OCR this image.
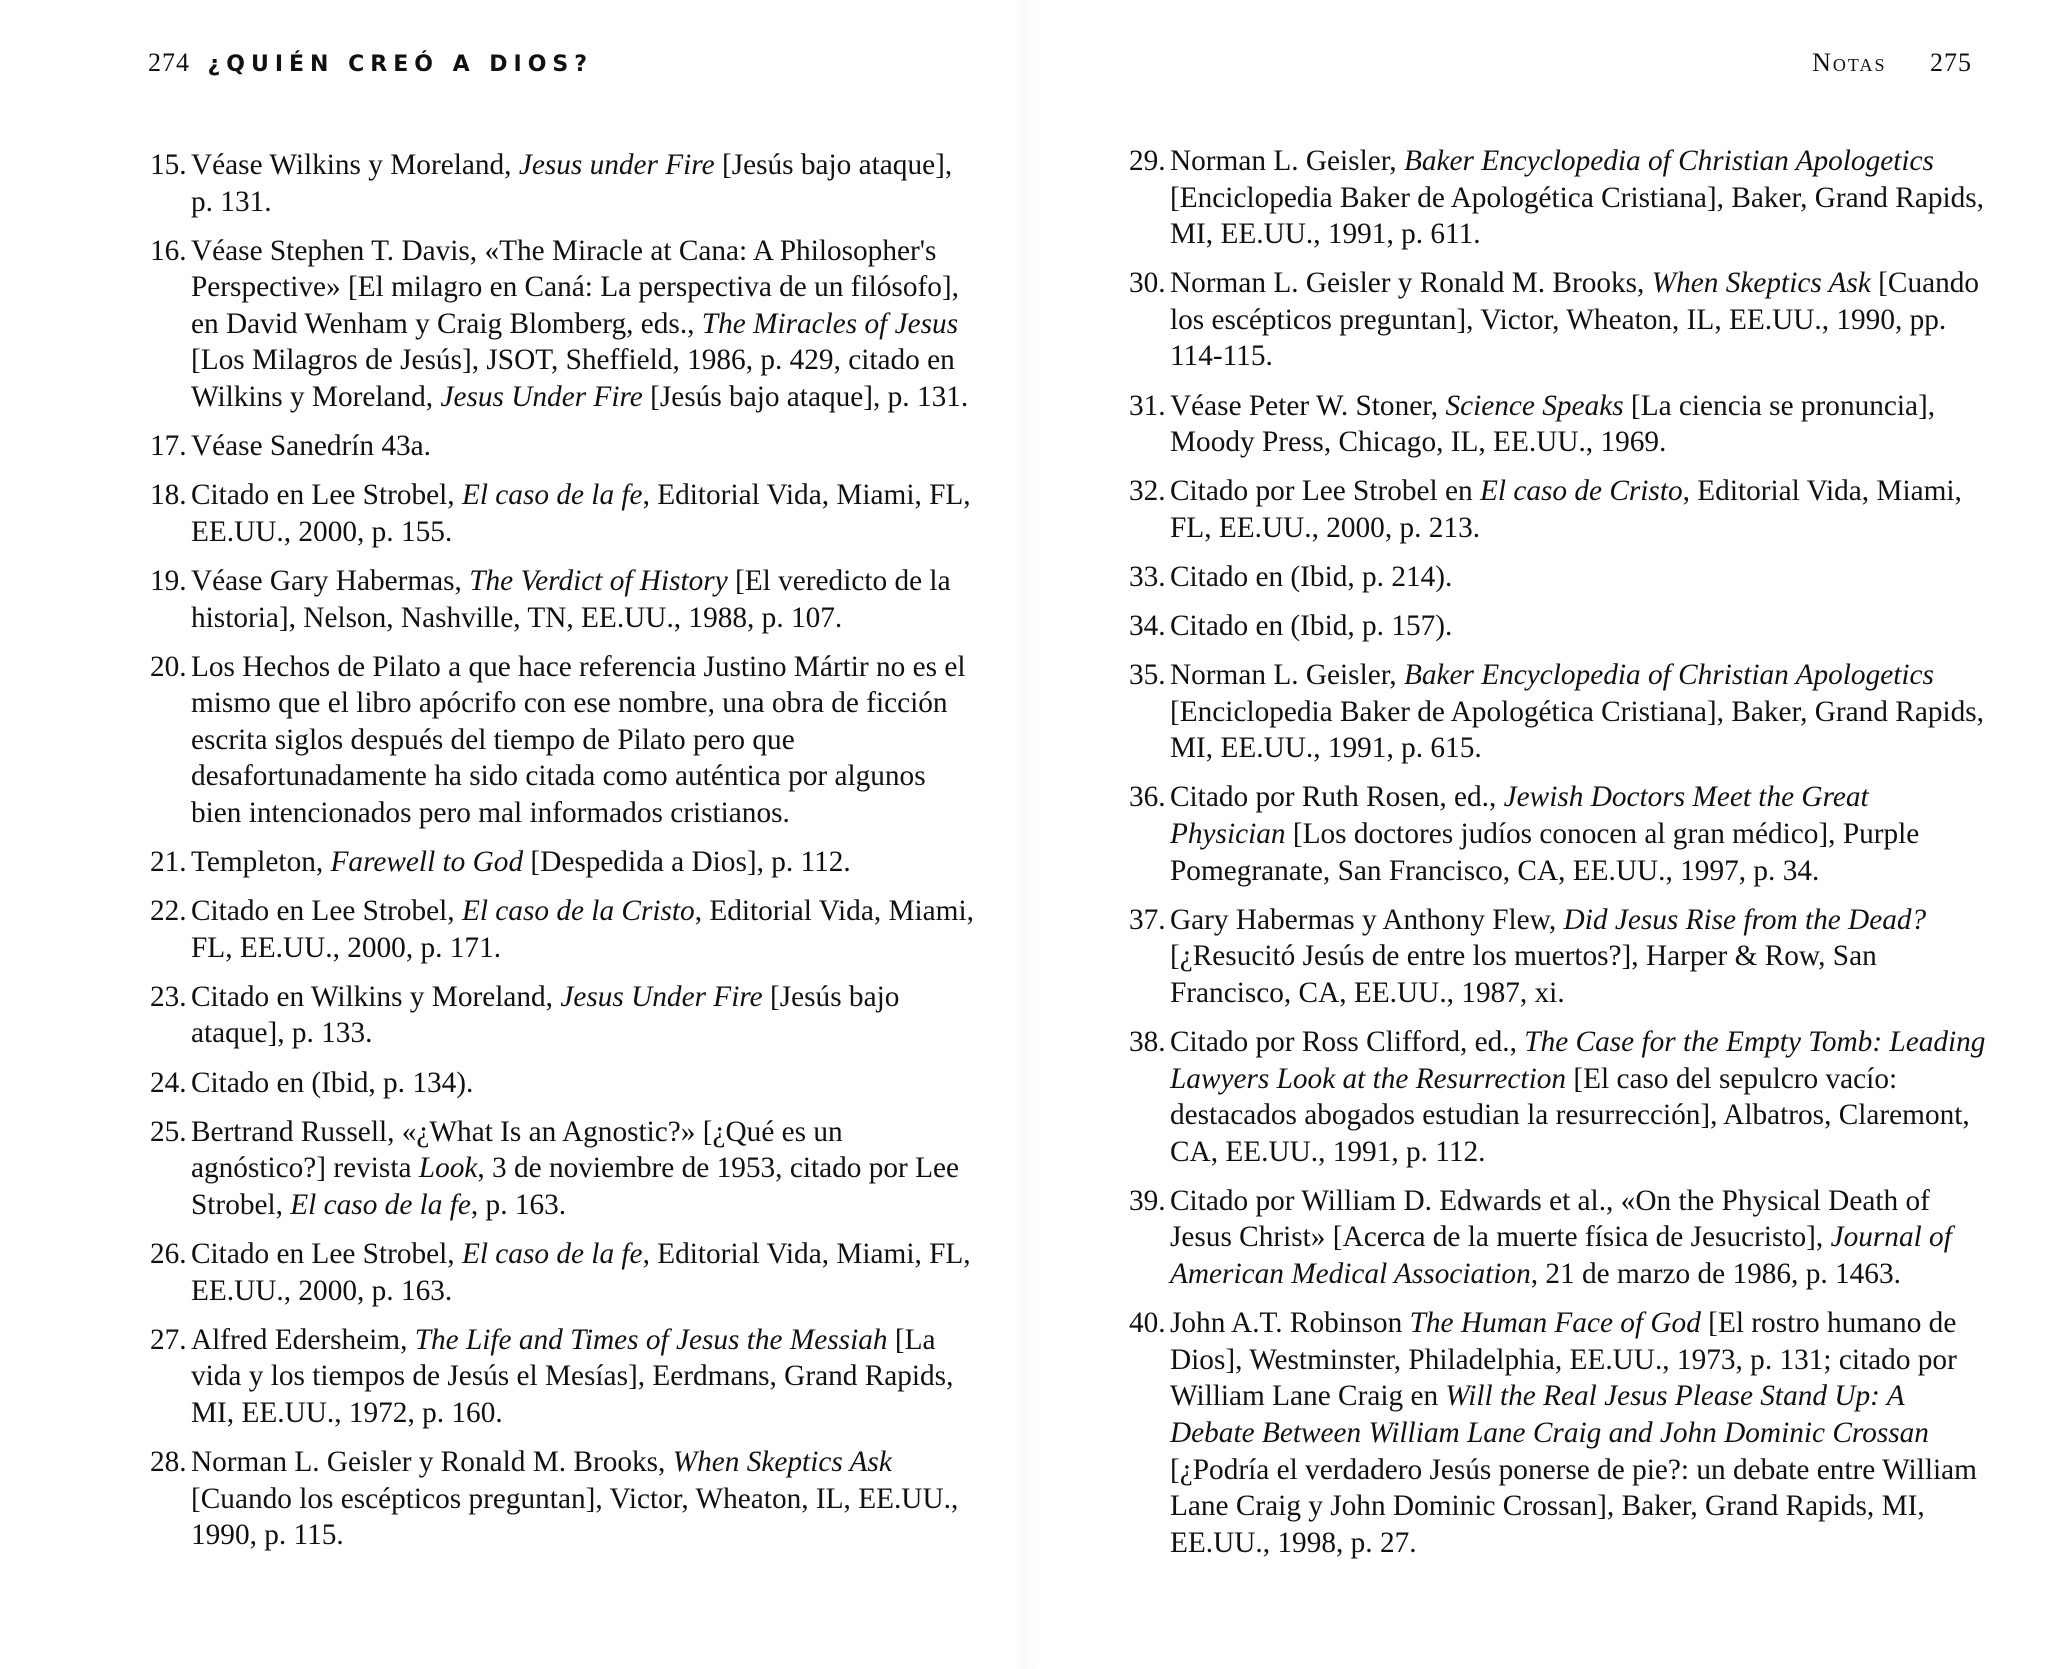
274 ¿QUIÉN CREÓ A DIOS?
15 . Véase Wilkins y Moreland, Jesus under Fire [Jesús bajo ataque], p. 131.
16 . Véase Stephen T. Davis, «The Miracle at Cana: A Philosopher's Perspective» [El milagro en Caná: La perspectiva de un filósofo], en David Wenham y Craig Blomberg, eds., The Miracles of Jesus [Los Milagros de Jesús], JSOT, Sheffield, 1986, p. 429, citado en Wilkins y Moreland, Jesus Under Fire [Jesús bajo ataque], p. 131.
17 . Véase Sanedrín 43a.
18 . Citado en Lee Strobel, El caso de la fe, Editorial Vida, Miami, FL, EE.UU., 2000, p. 155.
19 . Véase Gary Habermas, The Verdict of History [El veredicto de la historia], Nelson, Nashville, TN, EE.UU., 1988, p. 107.
20 . Los Hechos de Pilato a que hace referencia Justino Mártir no es el mismo que el libro apócrifo con ese nombre, una obra de ficción escrita siglos después del tiempo de Pilato pero que desafortunadamente ha sido citada como auténtica por algunos bien intencionados pero mal informados cristianos.
21 . Templeton, Farewell to God [Despedida a Dios], p. 112.
22 . Citado en Lee Strobel, El caso de la Cristo, Editorial Vida, Miami, FL, EE.UU., 2000, p. 171.
23 . Citado en Wilkins y Moreland, Jesus Under Fire [Jesús bajo ataque], p. 133.
24 . Citado en (Ibid, p. 134).
25 . Bertrand Russell, «¿What Is an Agnostic?» [¿Qué es un agnóstico?] revista Look, 3 de noviembre de 1953, citado por Lee Strobel, El caso de la fe, p. 163.
26 . Citado en Lee Strobel, El caso de la fe, Editorial Vida, Miami, FL, EE.UU., 2000, p. 163.
27 . Alfred Edersheim, The Life and Times of Jesus the Messiah [La vida y los tiempos de Jesús el Mesías], Eerdmans, Grand Rapids, MI, EE.UU., 1972, p. 160.
28 . Norman L. Geisler y Ronald M. Brooks, When Skeptics Ask [Cuando los escépticos preguntan], Victor, Wheaton, IL, EE.UU., 1990, p. 115.
Notas 275
29 . Norman L. Geisler, Baker Encyclopedia of Christian Apologetics [Enciclopedia Baker de Apologética Cristiana], Baker, Grand Rapids, MI, EE.UU., 1991, p. 611.
30 . Norman L. Geisler y Ronald M. Brooks, When Skeptics Ask [Cuando los escépticos preguntan], Victor, Wheaton, IL, EE.UU., 1990, pp. 114-115.
31 . Véase Peter W. Stoner, Science Speaks [La ciencia se pronuncia], Moody Press, Chicago, IL, EE.UU., 1969.
32 . Citado por Lee Strobel en El caso de Cristo, Editorial Vida, Miami, FL, EE.UU., 2000, p. 213.
33 . Citado en (Ibid, p. 214).
34 . Citado en (Ibid, p. 157).
35 . Norman L. Geisler, Baker Encyclopedia of Christian Apologetics [Enciclopedia Baker de Apologética Cristiana], Baker, Grand Rapids, MI, EE.UU., 1991, p. 615.
36 . Citado por Ruth Rosen, ed., Jewish Doctors Meet the Great Physician [Los doctores judíos conocen al gran médico], Purple Pomegranate, San Francisco, CA, EE.UU., 1997, p. 34.
37 . Gary Habermas y Anthony Flew, Did Jesus Rise from the Dead? [¿Resucitó Jesús de entre los muertos?], Harper & Row, San Francisco, CA, EE.UU., 1987, xi.
38 . Citado por Ross Clifford, ed., The Case for the Empty Tomb: Leading Lawyers Look at the Resurrection [El caso del sepulcro vacío: destacados abogados estudian la resurrección], Albatros, Claremont, CA, EE.UU., 1991, p. 112.
39 . Citado por William D. Edwards et al., «On the Physical Death of Jesus Christ» [Acerca de la muerte física de Jesucristo], Journal of American Medical Association, 21 de marzo de 1986, p. 1463.
40 . John A.T. Robinson The Human Face of God [El rostro humano de Dios], Westminster, Philadelphia, EE.UU., 1973, p. 131; citado por William Lane Craig en Will the Real Jesus Please Stand Up: A Debate Between William Lane Craig and John Dominic Crossan [¿Podría el verdadero Jesús ponerse de pie?: un debate entre William Lane Craig y John Dominic Crossan], Baker, Grand Rapids, MI, EE.UU., 1998, p. 27.
